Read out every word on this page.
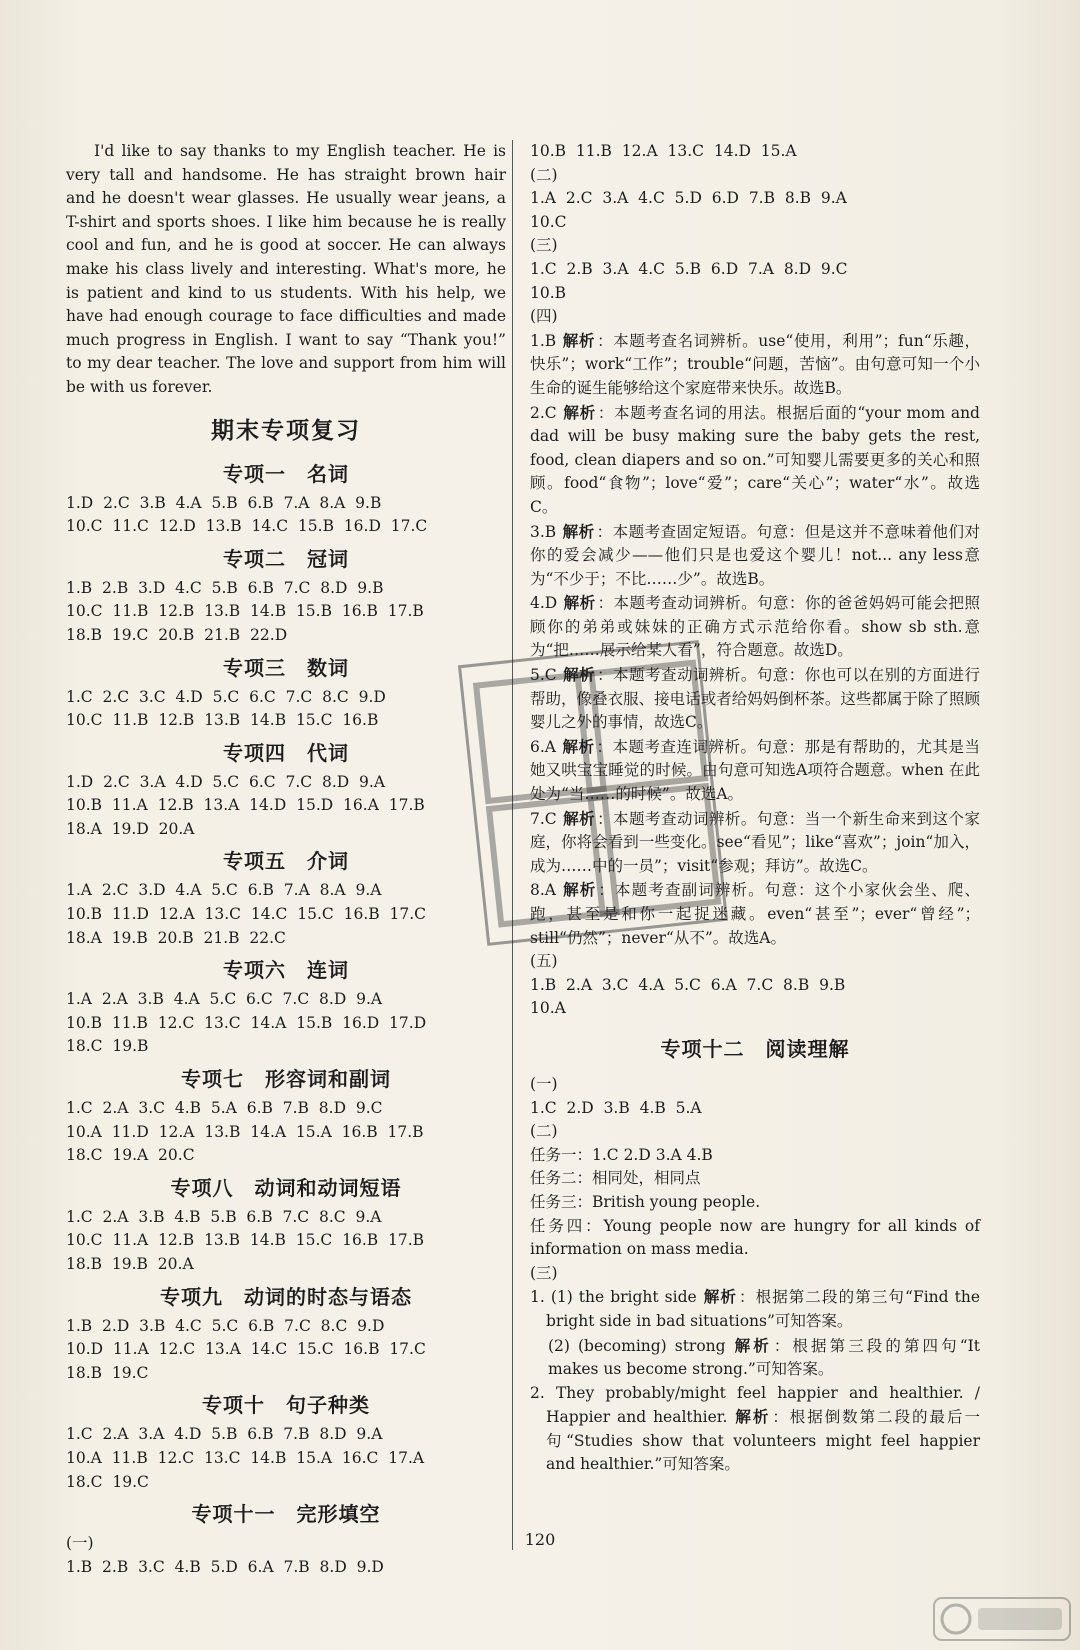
I'd like to say thanks to my English teacher. He is very tall and handsome. He has straight brown hair and he doesn't wear glasses. He usually wear jeans, a T-shirt and sports shoes. I like him because he is really cool and fun, and he is good at soccer. He can always make his class lively and interesting. What's more, he is patient and kind to us students. With his help, we have had enough courage to face difficulties and made much progress in English. I want to say “Thank you!” to my dear teacher. The love and support from him will be with us forever.

期末专项复习
专项一　名词
1.D  2.C  3.B  4.A  5.B  6.B  7.A  8.A  9.B
10.C  11.C  12.D  13.B  14.C  15.B  16.D  17.C
专项二　冠词
1.B  2.B  3.D  4.C  5.B  6.B  7.C  8.D  9.B
10.C  11.B  12.B  13.B  14.B  15.B  16.B  17.B
18.B  19.C  20.B  21.B  22.D
专项三　数词
1.C  2.C  3.C  4.D  5.C  6.C  7.C  8.C  9.D
10.C  11.B  12.B  13.B  14.B  15.C  16.B
专项四　代词
1.D  2.C  3.A  4.D  5.C  6.C  7.C  8.D  9.A
10.B  11.A  12.B  13.A  14.D  15.D  16.A  17.B
18.A  19.D  20.A
专项五　介词
1.A  2.C  3.D  4.A  5.C  6.B  7.A  8.A  9.A
10.B  11.D  12.A  13.C  14.C  15.C  16.B  17.C
18.A  19.B  20.B  21.B  22.C
专项六　连词
1.A  2.A  3.B  4.A  5.C  6.C  7.C  8.D  9.A
10.B  11.B  12.C  13.C  14.A  15.B  16.D  17.D
18.C  19.B
专项七　形容词和副词
1.C  2.A  3.C  4.B  5.A  6.B  7.B  8.D  9.C
10.A  11.D  12.A  13.B  14.A  15.A  16.B  17.B
18.C  19.A  20.C
专项八　动词和动词短语
1.C  2.A  3.B  4.B  5.B  6.B  7.C  8.C  9.A
10.C  11.A  12.B  13.B  14.B  15.C  16.B  17.B
18.B  19.B  20.A
专项九　动词的时态与语态
1.B  2.D  3.B  4.C  5.C  6.B  7.C  8.C  9.D
10.D  11.A  12.C  13.A  14.C  15.C  16.B  17.C
18.B  19.C
专项十　句子种类
1.C  2.A  3.A  4.D  5.B  6.B  7.B  8.D  9.A
10.A  11.B  12.C  13.C  14.B  15.A  16.C  17.A
18.C  19.C
专项十一　完形填空
(一)
1.B  2.B  3.C  4.B  5.D  6.A  7.B  8.D  9.D
10.B  11.B  12.A  13.C  14.D  15.A
(二)
1.A  2.C  3.A  4.C  5.D  6.D  7.B  8.B  9.A
10.C
(三)
1.C  2.B  3.A  4.C  5.B  6.D  7.A  8.D  9.C
10.B
(四)

1.B 解析 ：本题考查名词辨析。use“使用，利用”；fun“乐趣，快乐”；work“工作”；trouble“问题，苦恼”。由句意可知一个小生命的诞生能够给这个家庭带来快乐。故选B。

2.C 解析 ：本题考查名词的用法。根据后面的“your mom and dad will be busy making sure the baby gets the rest, food, clean diapers and so on.”可知婴儿需要更多的关心和照顾。food“食物”；love“爱”；care“关心”；water“水”。故选C。

3.B 解析 ：本题考查固定短语。句意：但是这并不意味着他们对你的爱会减少——他们只是也爱这个婴儿！not... any less意为“不少于；不比……少”。故选B。

4.D 解析 ：本题考查动词辨析。句意：你的爸爸妈妈可能会把照顾你的弟弟或妹妹的正确方式示范给你看。show sb sth.意为“把……展示给某人看”，符合题意。故选D。

5.C 解析 ：本题考查动词辨析。句意：你也可以在别的方面进行帮助，像叠衣服、接电话或者给妈妈倒杯茶。这些都属于除了照顾婴儿之外的事情，故选C。

6.A 解析 ：本题考查连词辨析。句意：那是有帮助的，尤其是当她又哄宝宝睡觉的时候。由句意可知选A项符合题意。when 在此处为“当……的时候”。故选A。

7.C 解析 ：本题考查动词辨析。句意：当一个新生命来到这个家庭，你将会看到一些变化。see“看见”；like“喜欢”；join“加入，成为……中的一员”；visit“参观；拜访”。故选C。

8.A 解析 ：本题考查副词辨析。句意：这个小家伙会坐、爬、跑，甚至是和你一起捉迷藏。even“甚至”；ever“曾经”；still“仍然”；never“从不”。故选A。

(五)
1.B  2.A  3.C  4.A  5.C  6.A  7.C  8.B  9.B
10.A
专项十二　阅读理解
(一)
1.C  2.D  3.B  4.B  5.A
(二)

任务一：1.C 2.D 3.A 4.B

任务二：相同处，相同点

任务三：British young people.

任务四：Young people now are hungry for all kinds of information on mass media.

(三)

1. (1) the bright side 解析 ：根据第二段的第三句“Find the bright side in bad situations”可知答案。

(2) (becoming) strong 解析 ：根据第三段的第四句“It makes us become strong.”可知答案。

2. They probably/might feel happier and healthier. / Happier and healthier. 解析 ：根据倒数第二段的最后一句“Studies show that volunteers might feel happier and healthier.”可知答案。

120
